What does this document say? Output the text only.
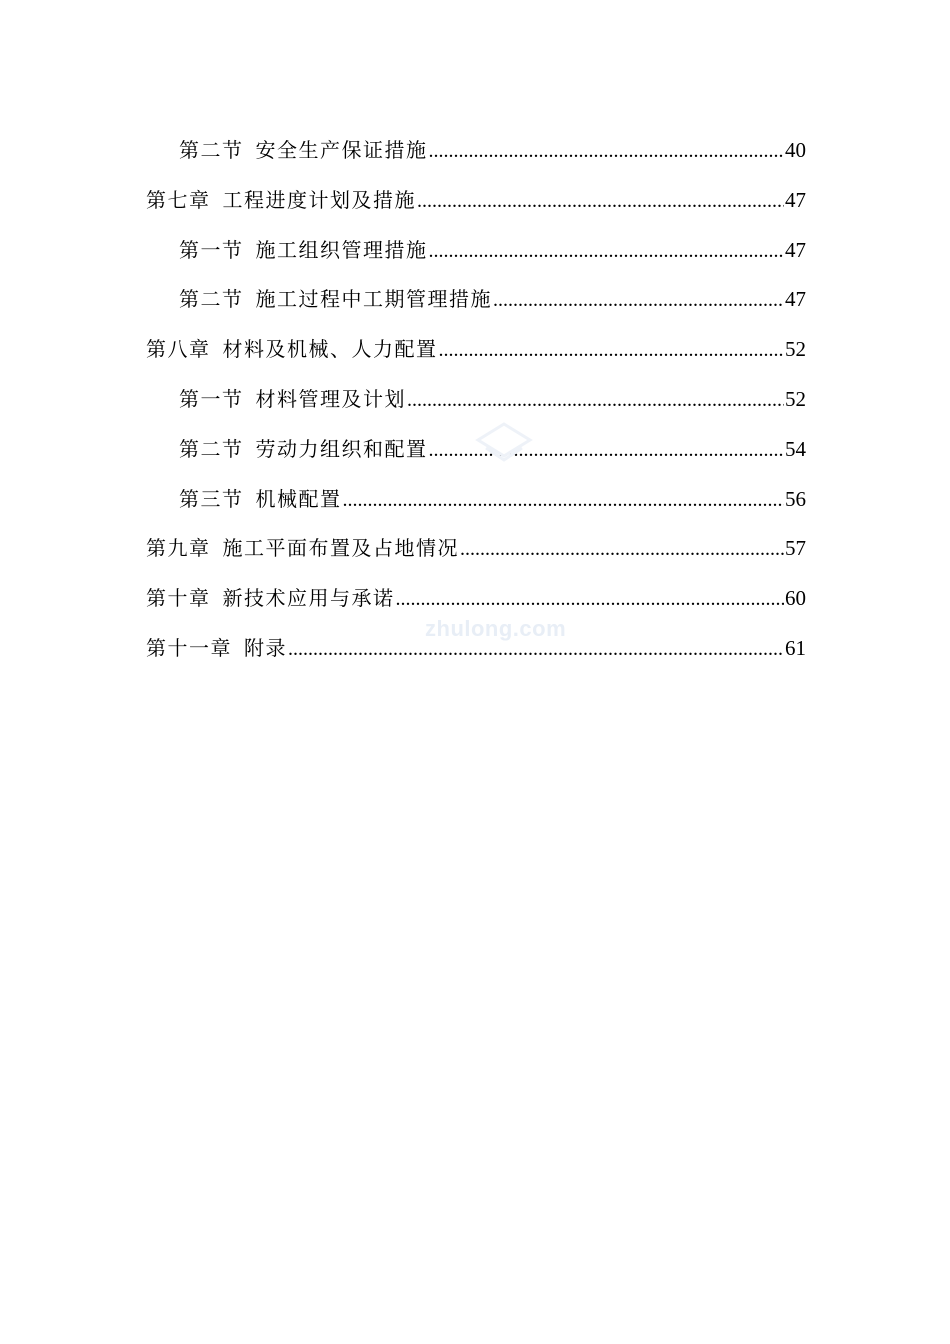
第二节 安全生产保证措施 .....	40
第七章 工程进度计划及措施 .....	47
第一节 施工组织管理措施 .....	47
第二节 施工过程中工期管理措施 .....	47
第八章 材料及机械、人力配置 .....	52
第一节 材料管理及计划 .....	52
第二节 劳动力组织和配置 .....	54
第三节 机械配置 .....	56
第九章 施工平面布置及占地情况 .....	57
第十章 新技术应用与承诺 .....	60
第十一章 附录 .....	61
zhulong.com
